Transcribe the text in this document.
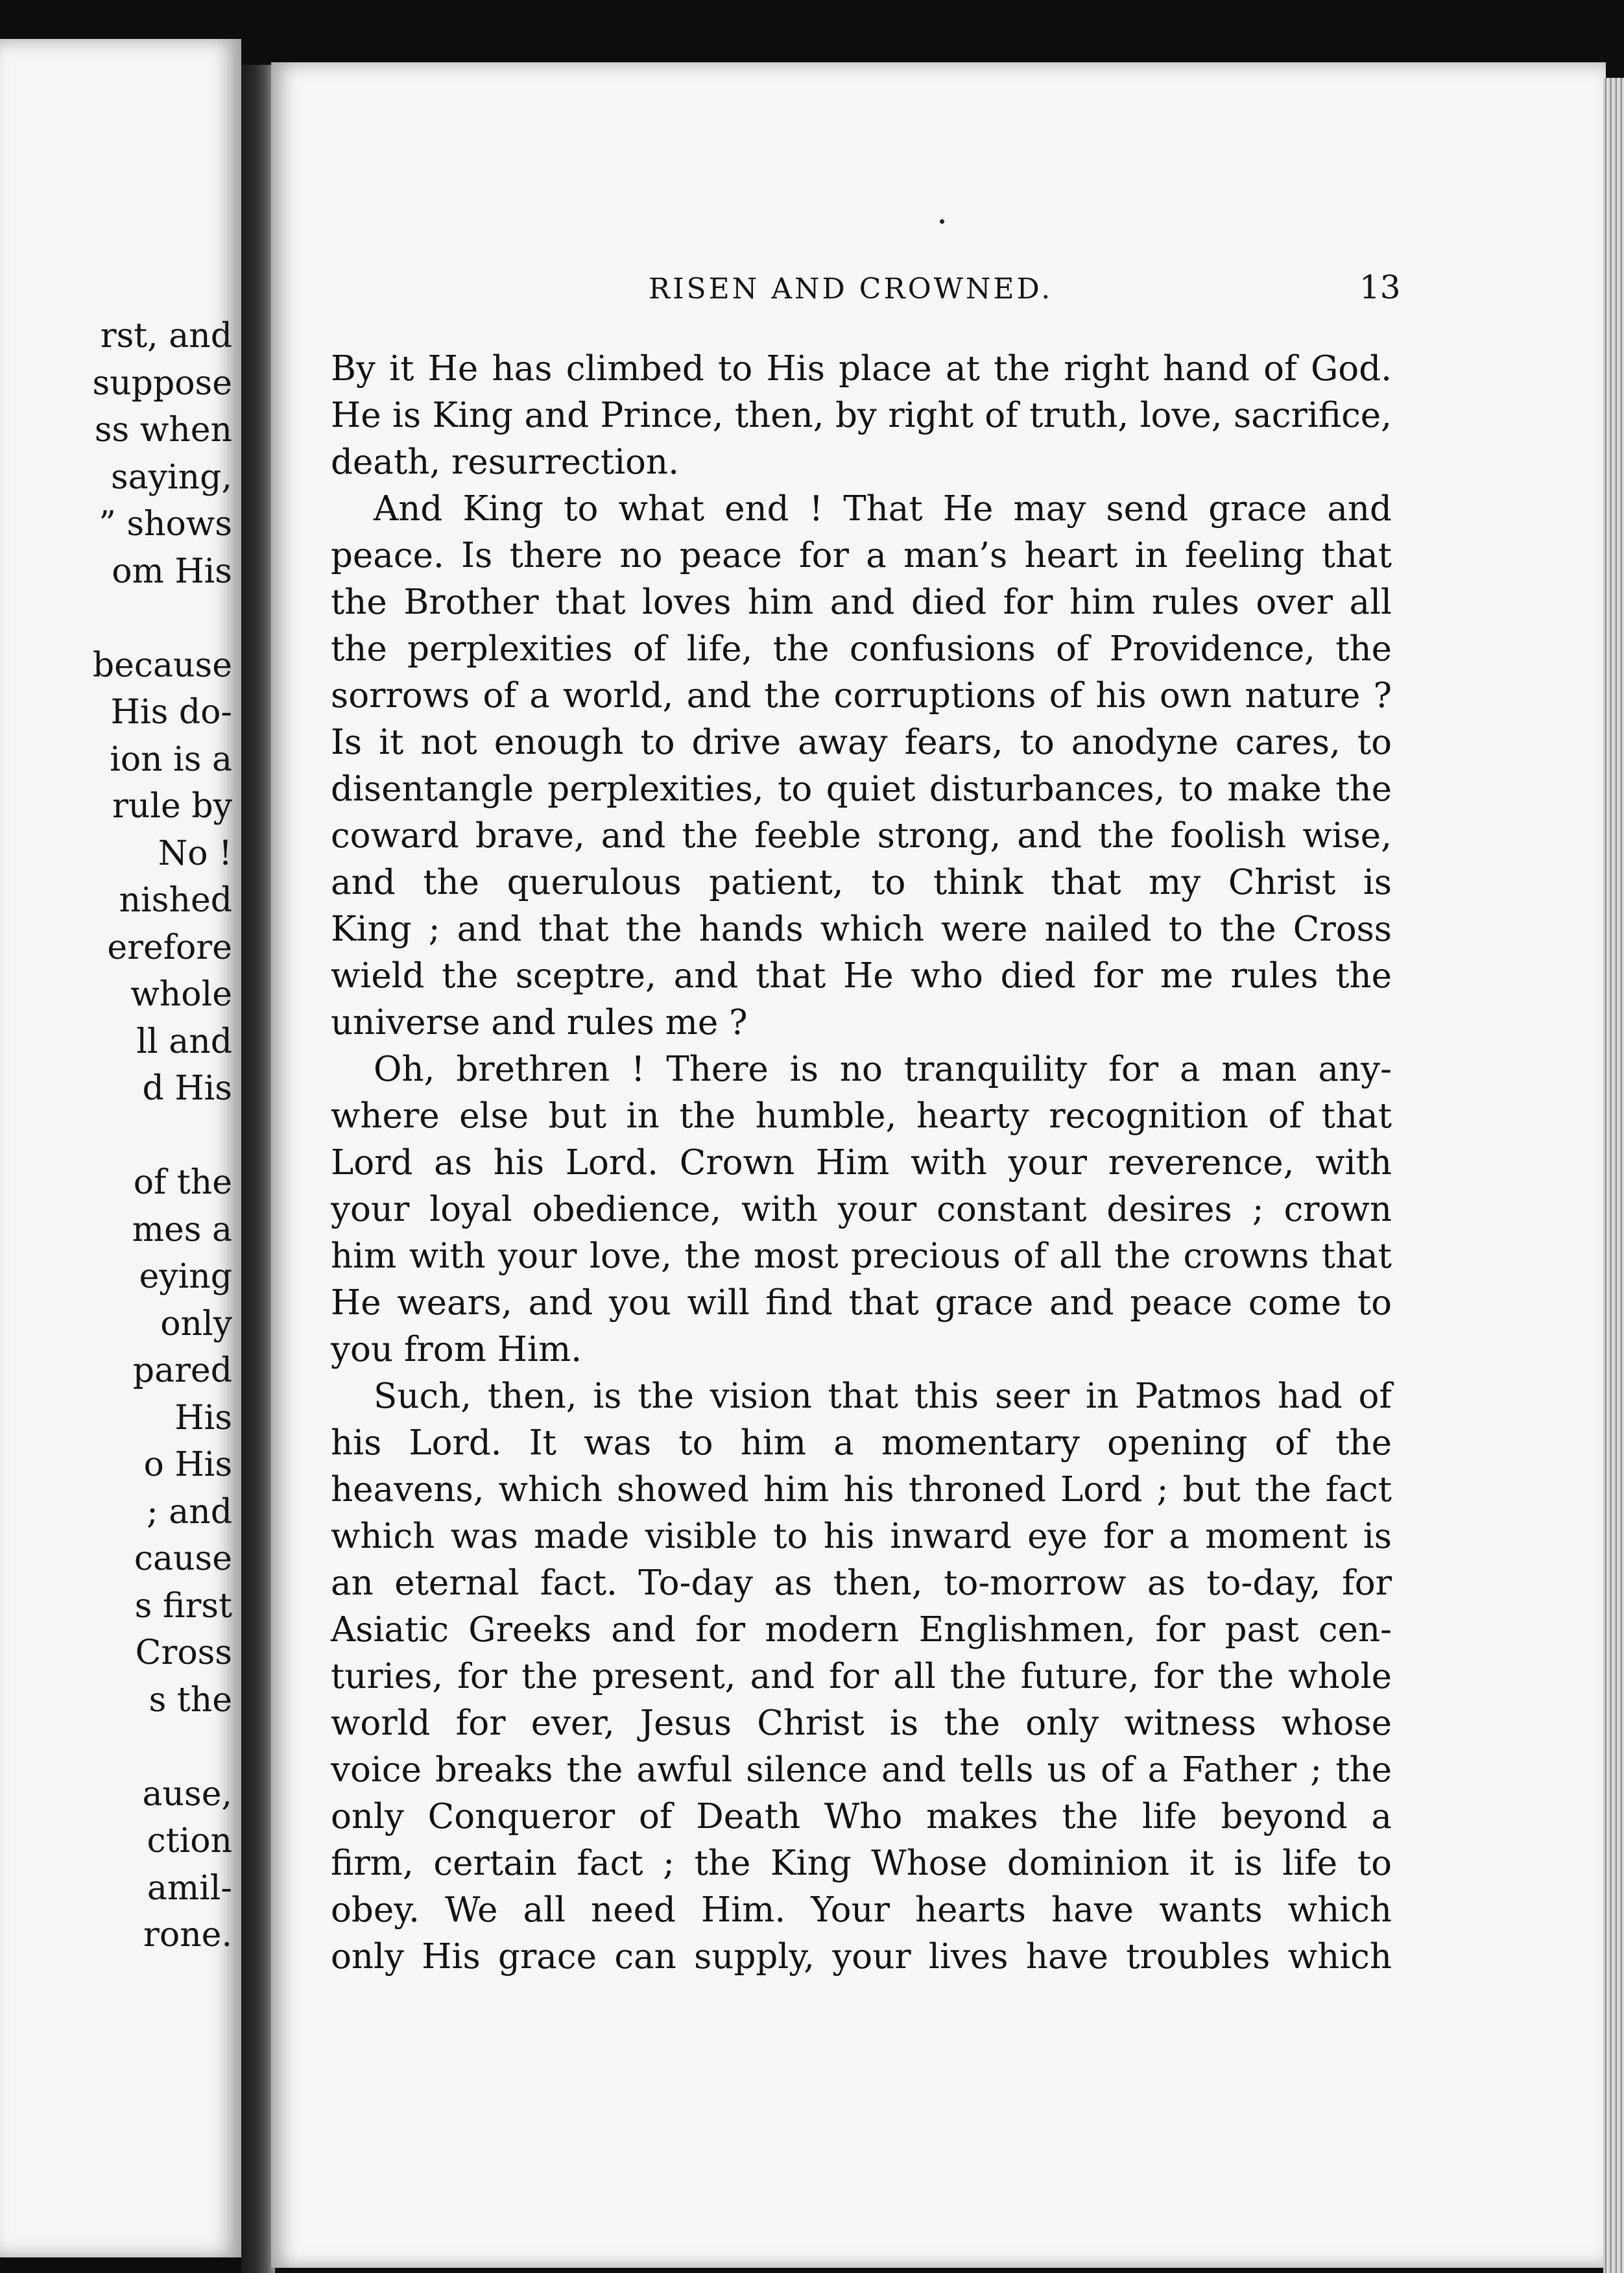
rst, and
suppose
ss when
saying,
” shows
om His
because
His do-
ion is a
rule by
No !
nished
erefore
whole
ll and
d His
of the
mes a
eying
only
pared
His
o His
; and
cause
s first
Cross
s the
ause,
ction
amil-
rone.
RISEN AND CROWNED.	13
By it He has climbed to His place at the right hand of God.
He is King and Prince, then, by right of truth, love, sacrifice,
death, resurrection.
And King to what end ! That He may send grace and
peace. Is there no peace for a man’s heart in feeling that
the Brother that loves him and died for him rules over all
the perplexities of life, the confusions of Providence, the
sorrows of a world, and the corruptions of his own nature ?
Is it not enough to drive away fears, to anodyne cares, to
disentangle perplexities, to quiet disturbances, to make the
coward brave, and the feeble strong, and the foolish wise,
and the querulous patient, to think that my Christ is
King ; and that the hands which were nailed to the Cross
wield the sceptre, and that He who died for me rules the
universe and rules me ?
Oh, brethren ! There is no tranquility for a man any-
where else but in the humble, hearty recognition of that
Lord as his Lord. Crown Him with your reverence, with
your loyal obedience, with your constant desires ; crown
him with your love, the most precious of all the crowns that
He wears, and you will find that grace and peace come to
you from Him.
Such, then, is the vision that this seer in Patmos had of
his Lord. It was to him a momentary opening of the
heavens, which showed him his throned Lord ; but the fact
which was made visible to his inward eye for a moment is
an eternal fact. To-day as then, to-morrow as to-day, for
Asiatic Greeks and for modern Englishmen, for past cen-
turies, for the present, and for all the future, for the whole
world for ever, Jesus Christ is the only witness whose
voice breaks the awful silence and tells us of a Father ; the
only Conqueror of Death Who makes the life beyond a
firm, certain fact ; the King Whose dominion it is life to
obey. We all need Him. Your hearts have wants which
only His grace can supply, your lives have troubles which
